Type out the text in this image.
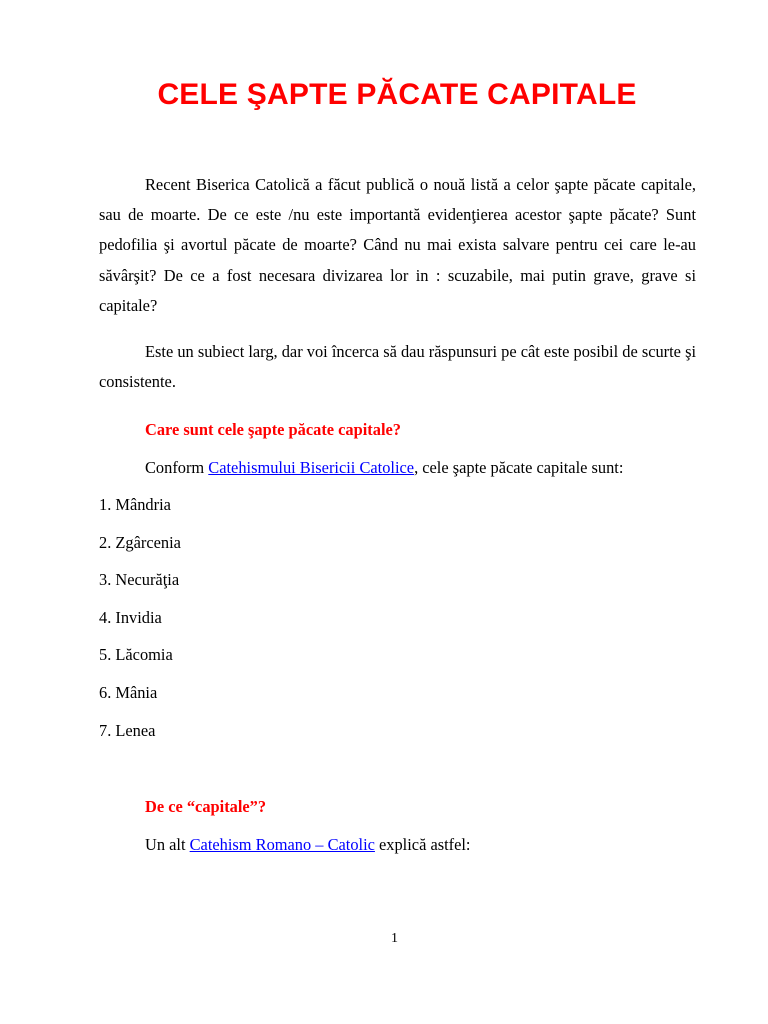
CELE ŞAPTE PĂCATE CAPITALE

Recent Biserica Catolică a făcut publică o nouă listă a celor şapte păcate capitale, sau de moarte. De ce este /nu este importantă evidenţierea acestor şapte păcate? Sunt pedofilia şi avortul păcate de moarte? Când nu mai exista salvare pentru cei care le-au săvârşit? De ce a fost necesara divizarea lor in : scuzabile, mai putin grave, grave si capitale?

Este un subiect larg, dar voi încerca să dau răspunsuri pe cât este posibil de scurte şi consistente.

Care sunt cele şapte păcate capitale?

Conform Catehismului Bisericii Catolice, cele şapte păcate capitale sunt:

1. Mândria
2. Zgârcenia
3. Necurăţia
4. Invidia
5. Lăcomia
6. Mânia
7. Lenea

De ce “capitale”?

Un alt Catehism Romano – Catolic explică astfel:

1
